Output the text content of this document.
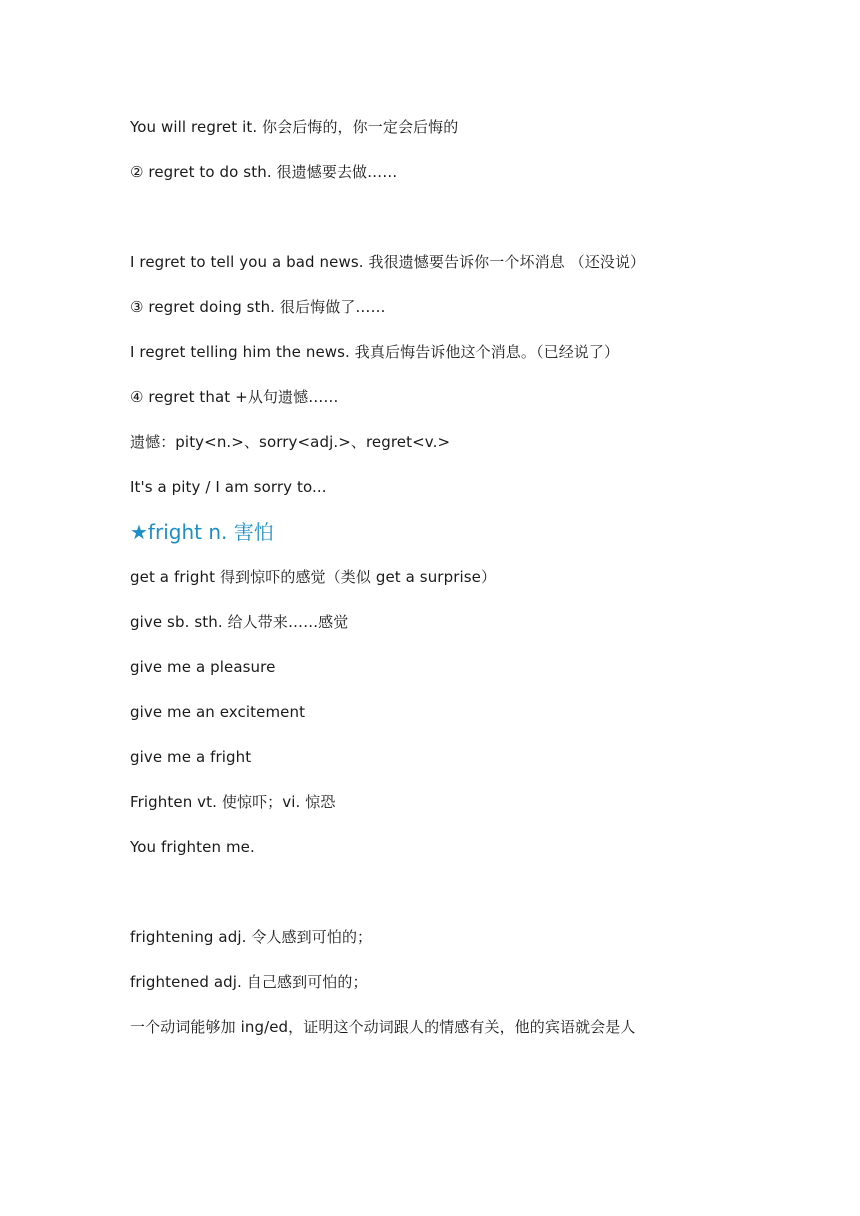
You will regret it. 你会后悔的，你一定会后悔的
② regret to do sth. 很遗憾要去做……
I regret to tell you a bad news. 我很遗憾要告诉你一个坏消息 （还没说）
③ regret doing sth. 很后悔做了……
I regret telling him the news. 我真后悔告诉他这个消息。（已经说了）
④ regret that +从句遗憾……
遗憾：pity<n.>、sorry<adj.>、regret<v.>
It's a pity / I am sorry to...
★fright n. 害怕
get a fright 得到惊吓的感觉（类似 get a surprise）
give sb. sth. 给人带来……感觉
give me a pleasure
give me an excitement
give me a fright
Frighten vt. 使惊吓；vi. 惊恐
You frighten me.
frightening adj. 令人感到可怕的；
frightened adj. 自己感到可怕的；
一个动词能够加 ing/ed，证明这个动词跟人的情感有关，他的宾语就会是人
